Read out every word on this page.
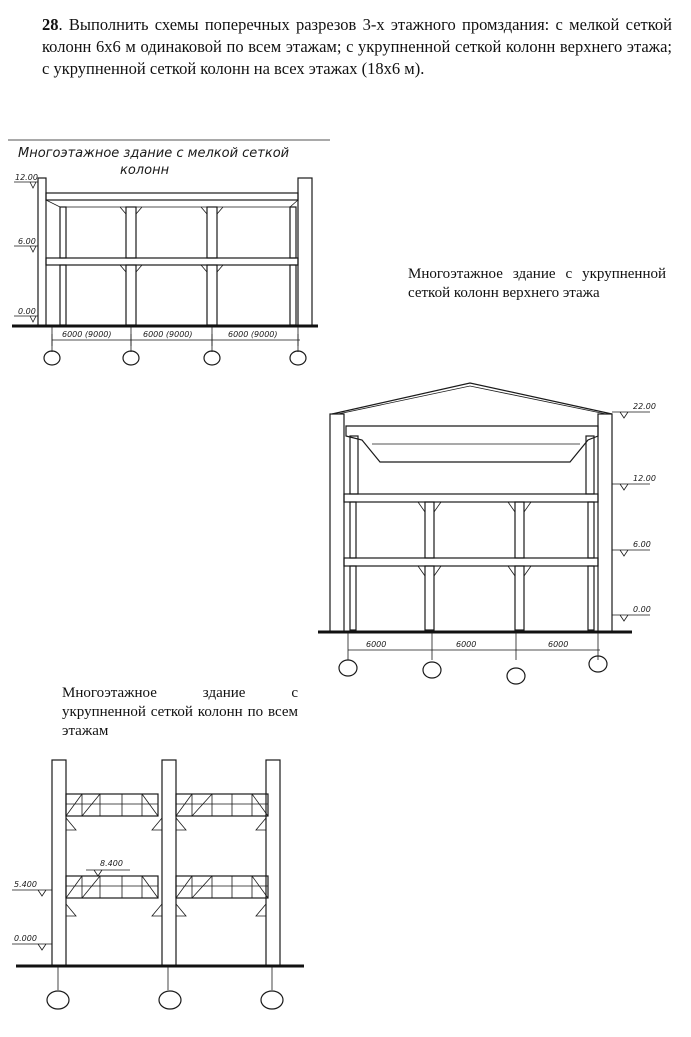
28. Выполнить схемы поперечных разрезов 3-х этажного промздания: с мелкой сеткой колонн 6х6 м одинаковой по всем этажам; с укрупненной сеткой колонн верхнего этажа; с укрупненной сеткой колонн на всех этажах (18х6 м).

Многоэтажное здание с укрупненной сеткой колонн верхнего этажа

Многоэтажное здание с укрупненной сеткой колонн по всем этажам

Многоэтажное здание с мелкой сеткой
колонн
12.00
6.00
0.00
6000 (9000)	6000 (9000)	6000 (9000)
22.00
12.00
6.00
0.00
6000	6000	6000
8.400
5.400
0.000
